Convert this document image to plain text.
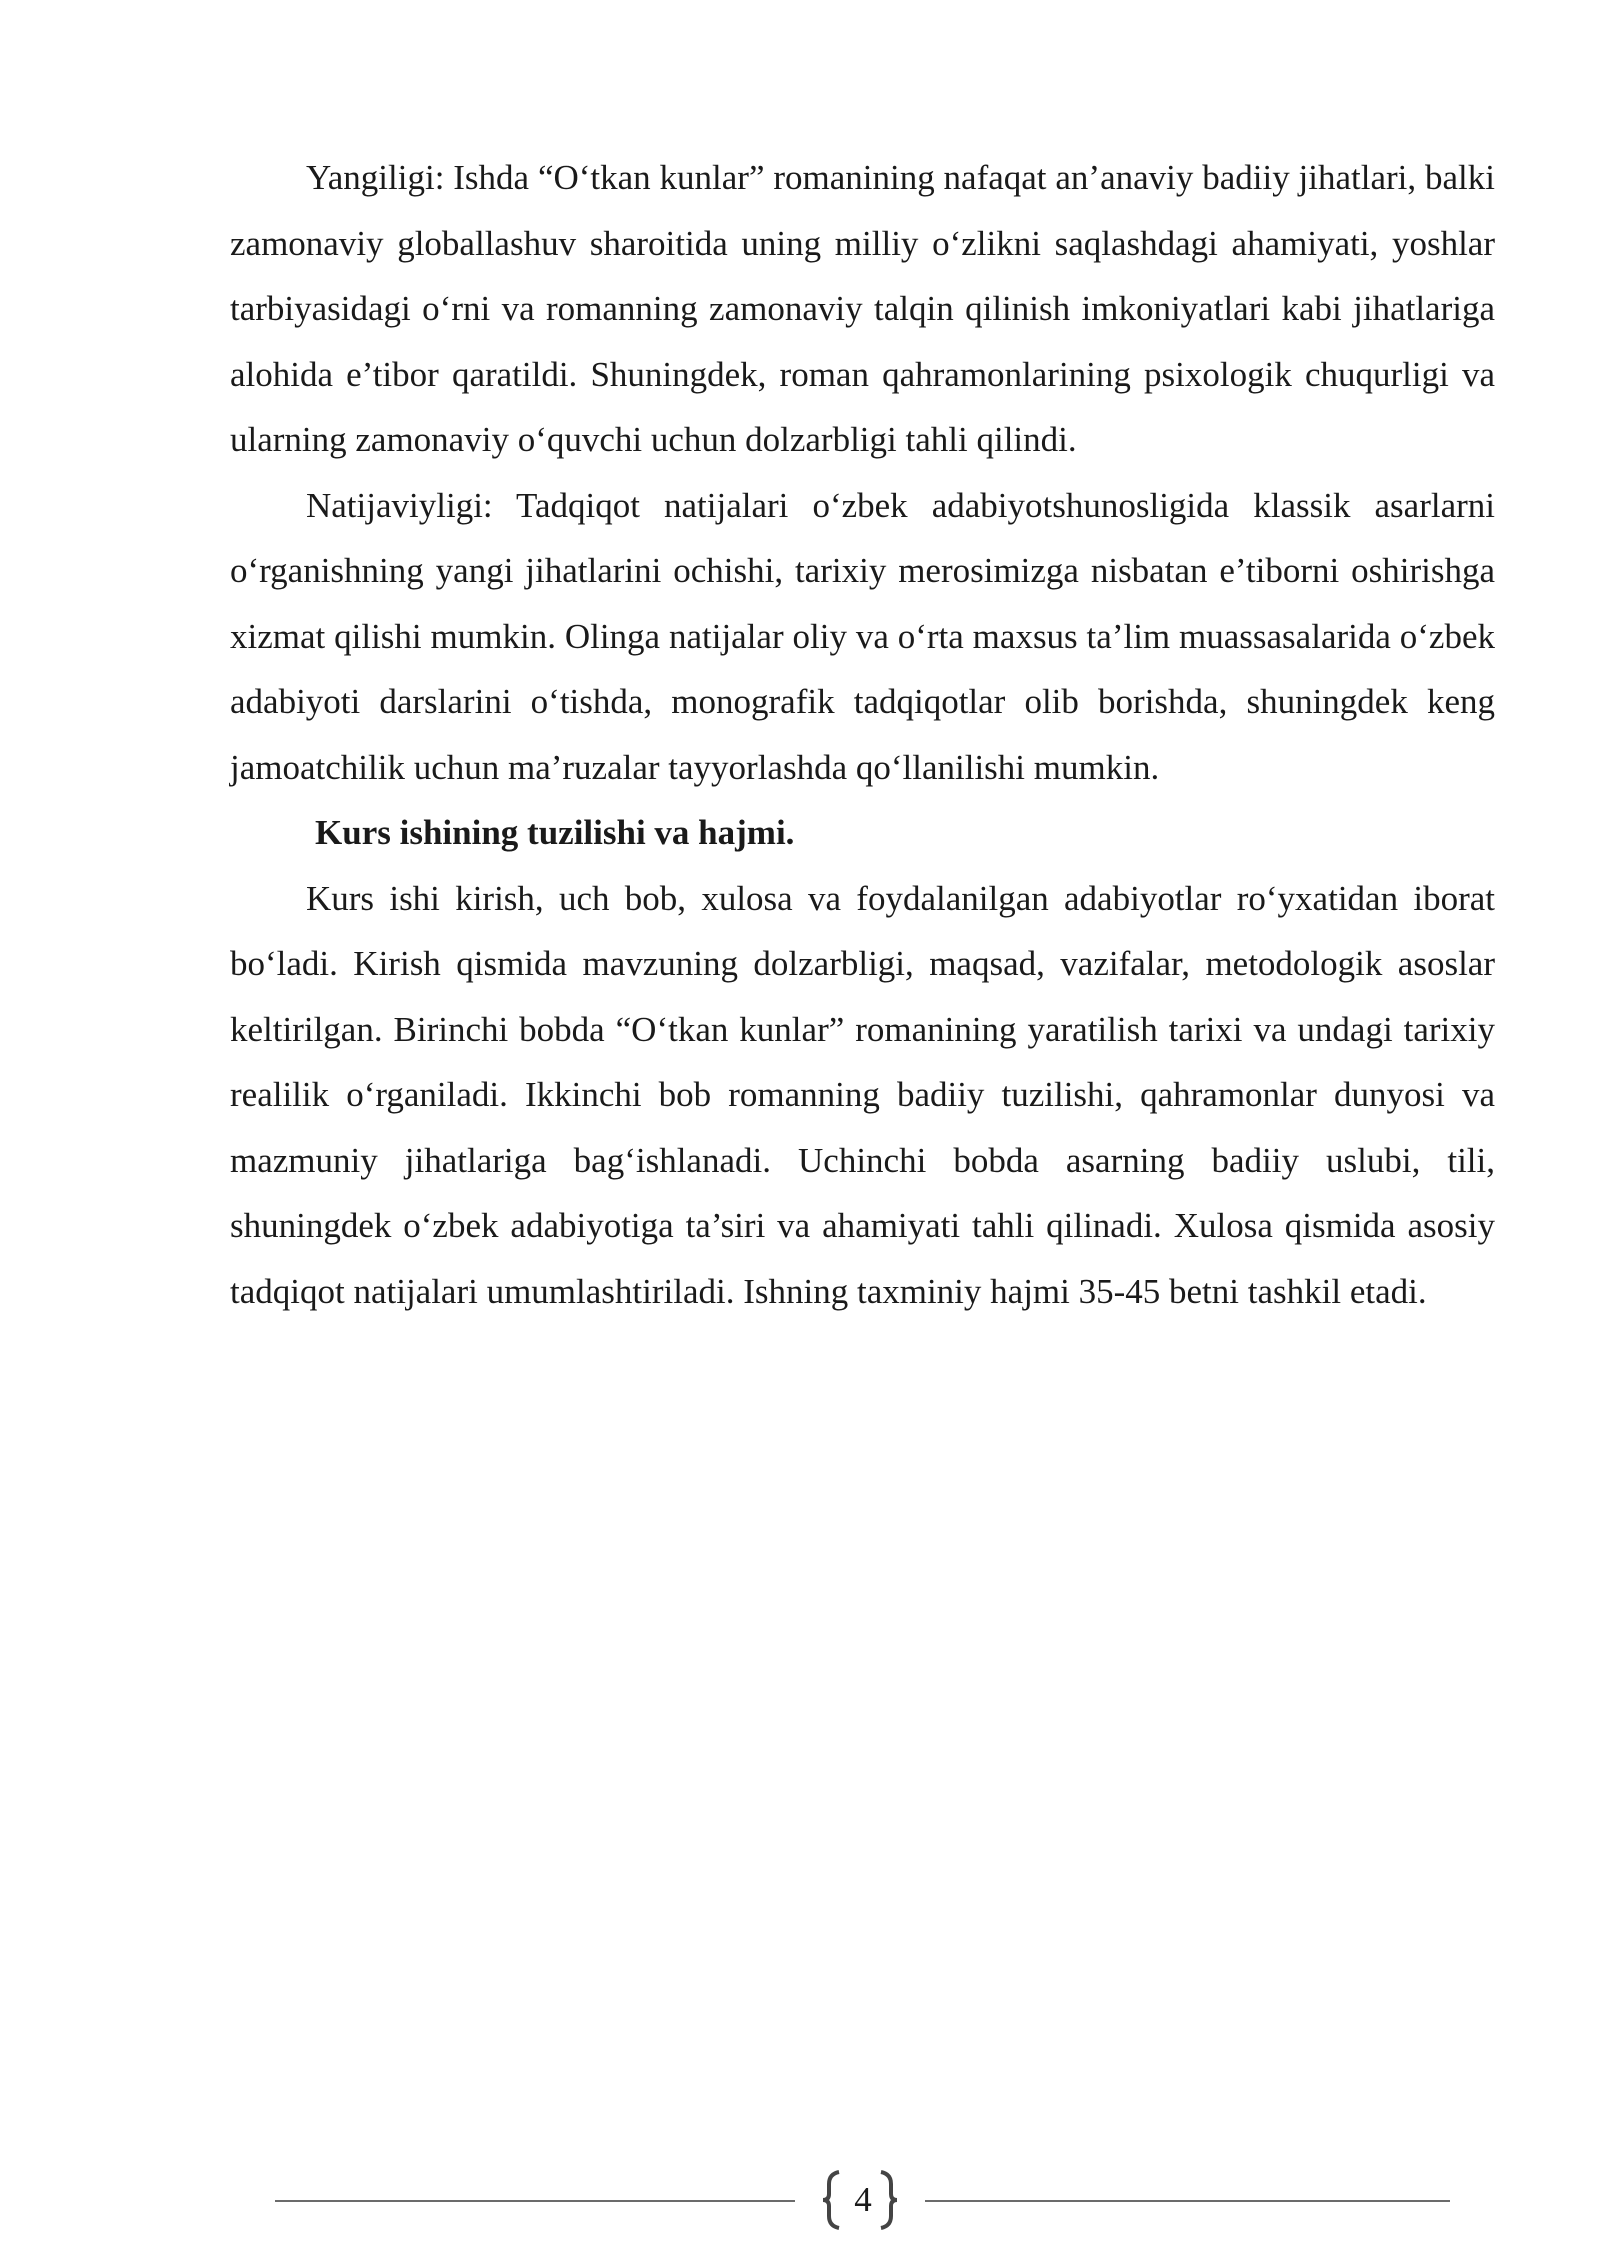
Yangiligi: Ishda “O‘tkan kunlar” romanining nafaqat an’anaviy badiiy jihatlari, balki zamonaviy globallashuv sharoitida uning milliy o‘zlikni saqlashdagi ahamiyati, yoshlar tarbiyasidagi o‘rni va romanning zamonaviy talqin qilinish imkoniyatlari kabi jihatlariga alohida e’tibor qaratildi. Shuningdek, roman qahramonlarining psixologik chuqurligi va ularning zamonaviy o‘quvchi uchun dolzarbligi tahli qilindi.

Natijaviyligi: Tadqiqot natijalari o‘zbek adabiyotshunosligida klassik asarlarni o‘rganishning yangi jihatlarini ochishi, tarixiy merosimizga nisbatan e’tiborni oshirishga xizmat qilishi mumkin. Olinga natijalar oliy va o‘rta maxsus ta’lim muassasalarida o‘zbek adabiyoti darslarini o‘tishda, monografik tadqiqotlar olib borishda, shuningdek keng jamoatchilik uchun ma’ruzalar tayyorlashda qo‘llanilishi mumkin.

Kurs ishining tuzilishi va hajmi.

Kurs ishi kirish, uch bob, xulosa va foydalanilgan adabiyotlar ro‘yxatidan iborat bo‘ladi. Kirish qismida mavzuning dolzarbligi, maqsad, vazifalar, metodologik asoslar keltirilgan. Birinchi bobda “O‘tkan kunlar” romanining yaratilish tarixi va undagi tarixiy realilik o‘rganiladi. Ikkinchi bob romanning badiiy tuzilishi, qahramonlar dunyosi va mazmuniy jihatlariga bag‘ishlanadi. Uchinchi bobda asarning badiiy uslubi, tili, shuningdek o‘zbek adabiyotiga ta’siri va ahamiyati tahli qilinadi. Xulosa qismida asosiy tadqiqot natijalari umumlashtiriladi. Ishning taxminiy hajmi 35-45 betni tashkil etadi.

4
